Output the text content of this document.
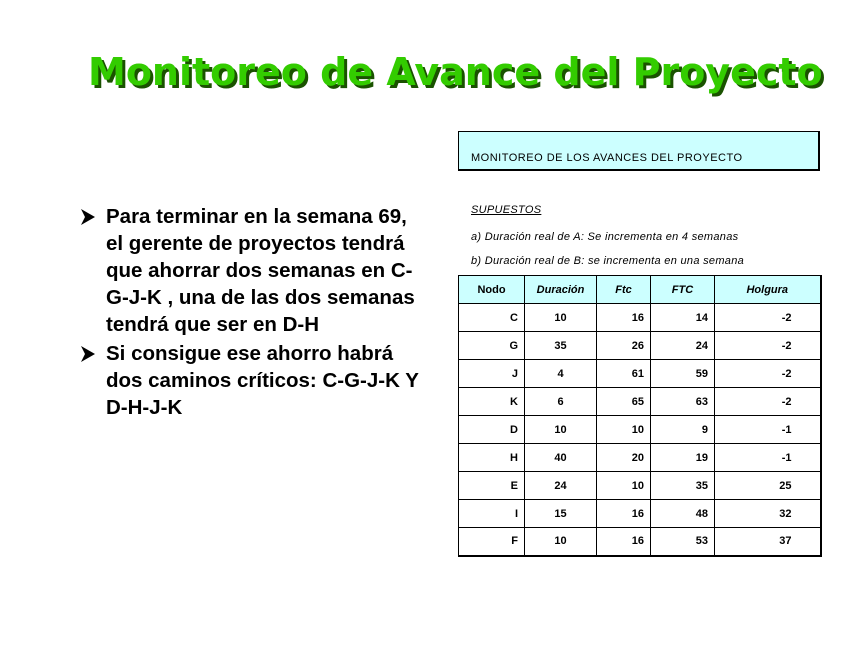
Monitoreo de Avance del Proyecto
Para terminar en la semana 69, el gerente de proyectos tendrá que ahorrar dos semanas en C-G-J-K , una de las dos semanas tendrá que ser en D-H
Si consigue ese ahorro habrá dos caminos críticos: C-G-J-K Y D-H-J-K
MONITOREO DE LOS AVANCES DEL PROYECTO
SUPUESTOS
a) Duración real de A: Se incrementa en 4 semanas
b) Duración real de B: se incrementa en una semana
Nodo	Duración	Ftc	FTC	Holgura
C	10	16	14	-2
G	35	26	24	-2
J	4	61	59	-2
K	6	65	63	-2
D	10	10	9	-1
H	40	20	19	-1
E	24	10	35	25
I	15	16	48	32
F	10	16	53	37
